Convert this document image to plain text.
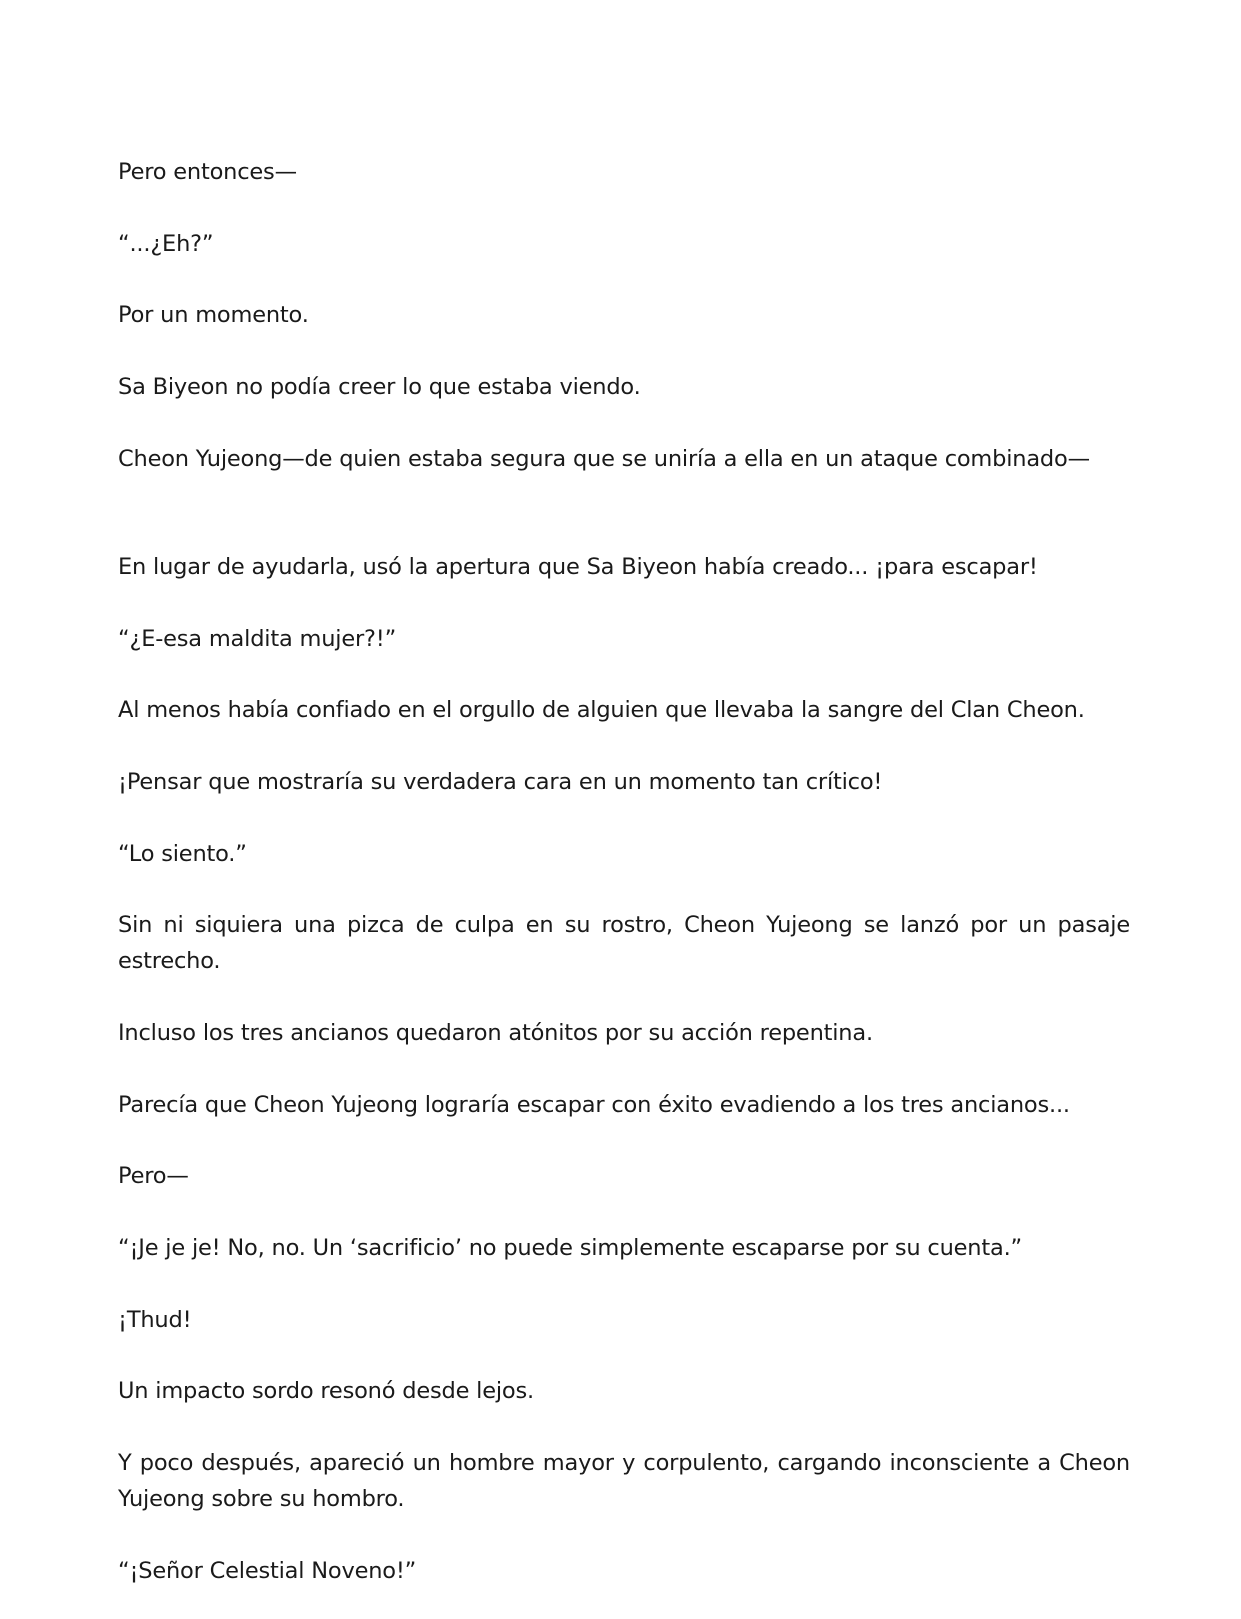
Pero entonces—

“...¿Eh?”

Por un momento.

Sa Biyeon no podía creer lo que estaba viendo.

Cheon Yujeong—de quien estaba segura que se uniría a ella en un ataque combinado—

En lugar de ayudarla, usó la apertura que Sa Biyeon había creado... ¡para escapar!

“¿E-esa maldita mujer?!”

Al menos había confiado en el orgullo de alguien que llevaba la sangre del Clan Cheon.

¡Pensar que mostraría su verdadera cara en un momento tan crítico!

“Lo siento.”

Sin ni siquiera una pizca de culpa en su rostro, Cheon Yujeong se lanzó por un pasaje estrecho.

Incluso los tres ancianos quedaron atónitos por su acción repentina.

Parecía que Cheon Yujeong lograría escapar con éxito evadiendo a los tres ancianos...

Pero—

“¡Je je je! No, no. Un ‘sacrificio’ no puede simplemente escaparse por su cuenta.”

¡Thud!

Un impacto sordo resonó desde lejos.

Y poco después, apareció un hombre mayor y corpulento, cargando inconsciente a Cheon Yujeong sobre su hombro.

“¡Señor Celestial Noveno!”
